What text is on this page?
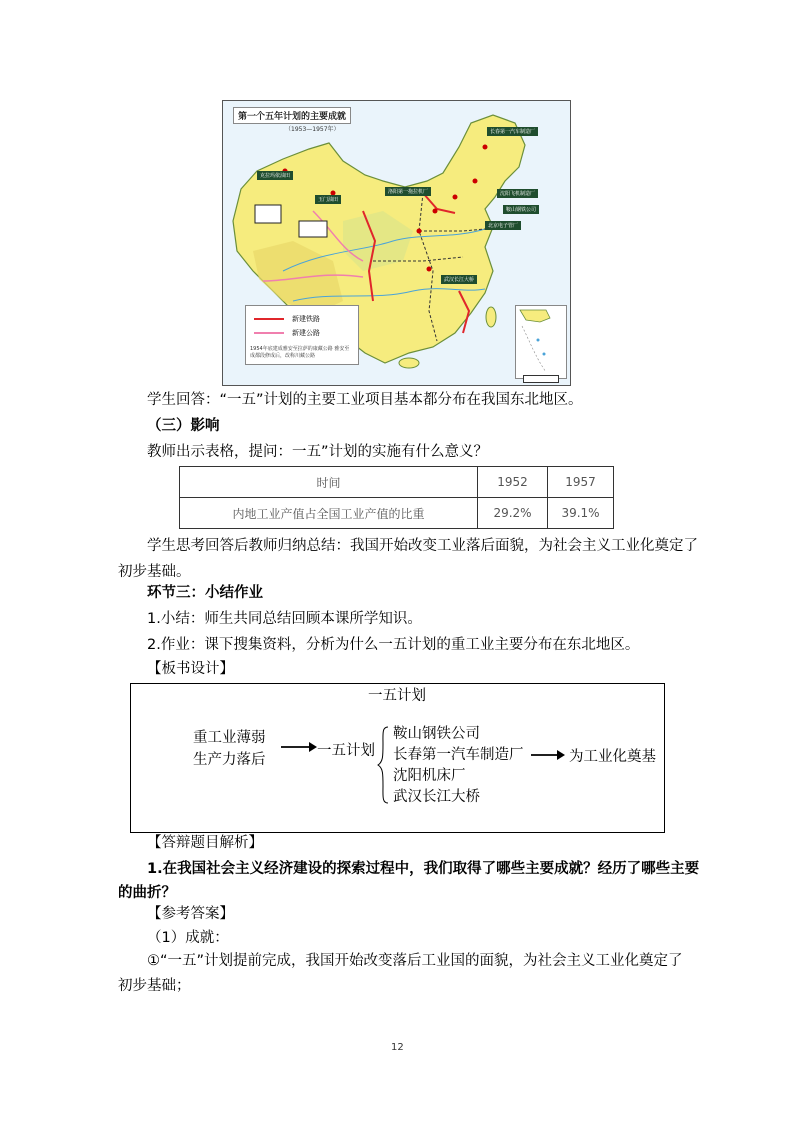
第一个五年计划的主要成就
（1953—1957年）	长春第一汽车制造厂
沈阳飞机制造厂
鞍山钢铁公司
北京电子管厂
武汉长江大桥
洛阳第一拖拉机厂
玉门油田
克拉玛依油田
新建铁路
新建公路
1954年底建成雅安至拉萨的康藏公路 雅安至成都段修成后，改称川藏公路
学生回答：“一五”计划的主要工业项目基本都分布在我国东北地区。
（三）影响
教师出示表格，提问：一五”计划的实施有什么意义？
时间	1952	1957
内地工业产值占全国工业产值的比重	29.2%	39.1%
学生思考回答后教师归纳总结：我国开始改变工业落后面貌，为社会主义工业化奠定了
初步基础。
环节三：小结作业
1.小结：师生共同总结回顾本课所学知识。
2.作业：课下搜集资料，分析为什么一五计划的重工业主要分布在东北地区。
【板书设计】
一五计划
重工业薄弱
生产力落后
一五计划
鞍山钢铁公司
长春第一汽车制造厂
沈阳机床厂
武汉长江大桥
为工业化奠基
【答辩题目解析】
1.在我国社会主义经济建设的探索过程中，我们取得了哪些主要成就？经历了哪些主要
的曲折？
【参考答案】
（1）成就：
①“一五”计划提前完成，我国开始改变落后工业国的面貌，为社会主义工业化奠定了
初步基础；
12
